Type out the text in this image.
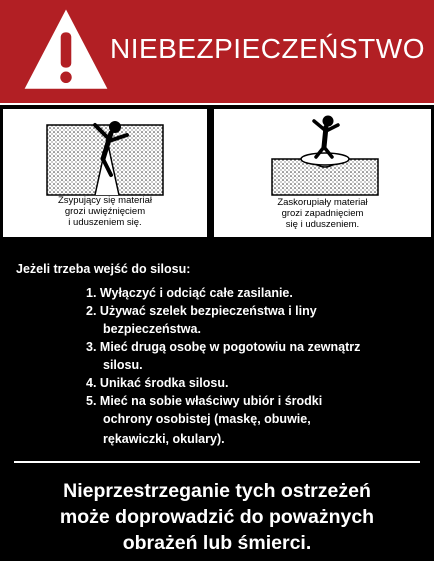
NIEBEZPIECZEŃSTWO
Zsypujący się materiał
grozi uwięźnięciem
i uduszeniem się.
Zaskorupiały materiał
grozi zapadnięciem
się i uduszeniem.
Jeżeli trzeba wejść do silosu:
1. Wyłączyć i odciąć całe zasilanie.
2. Używać szelek bezpieczeństwa i liny
bezpieczeństwa.
3. Mieć drugą osobę w pogotowiu na zewnątrz
silosu.
4. Unikać środka silosu.
5. Mieć na sobie właściwy ubiór i środki
ochrony osobistej (maskę, obuwie,
rękawiczki, okulary).
Nieprzestrzeganie tych ostrzeżeń
może doprowadzić do poważnych
obrażeń lub śmierci.
